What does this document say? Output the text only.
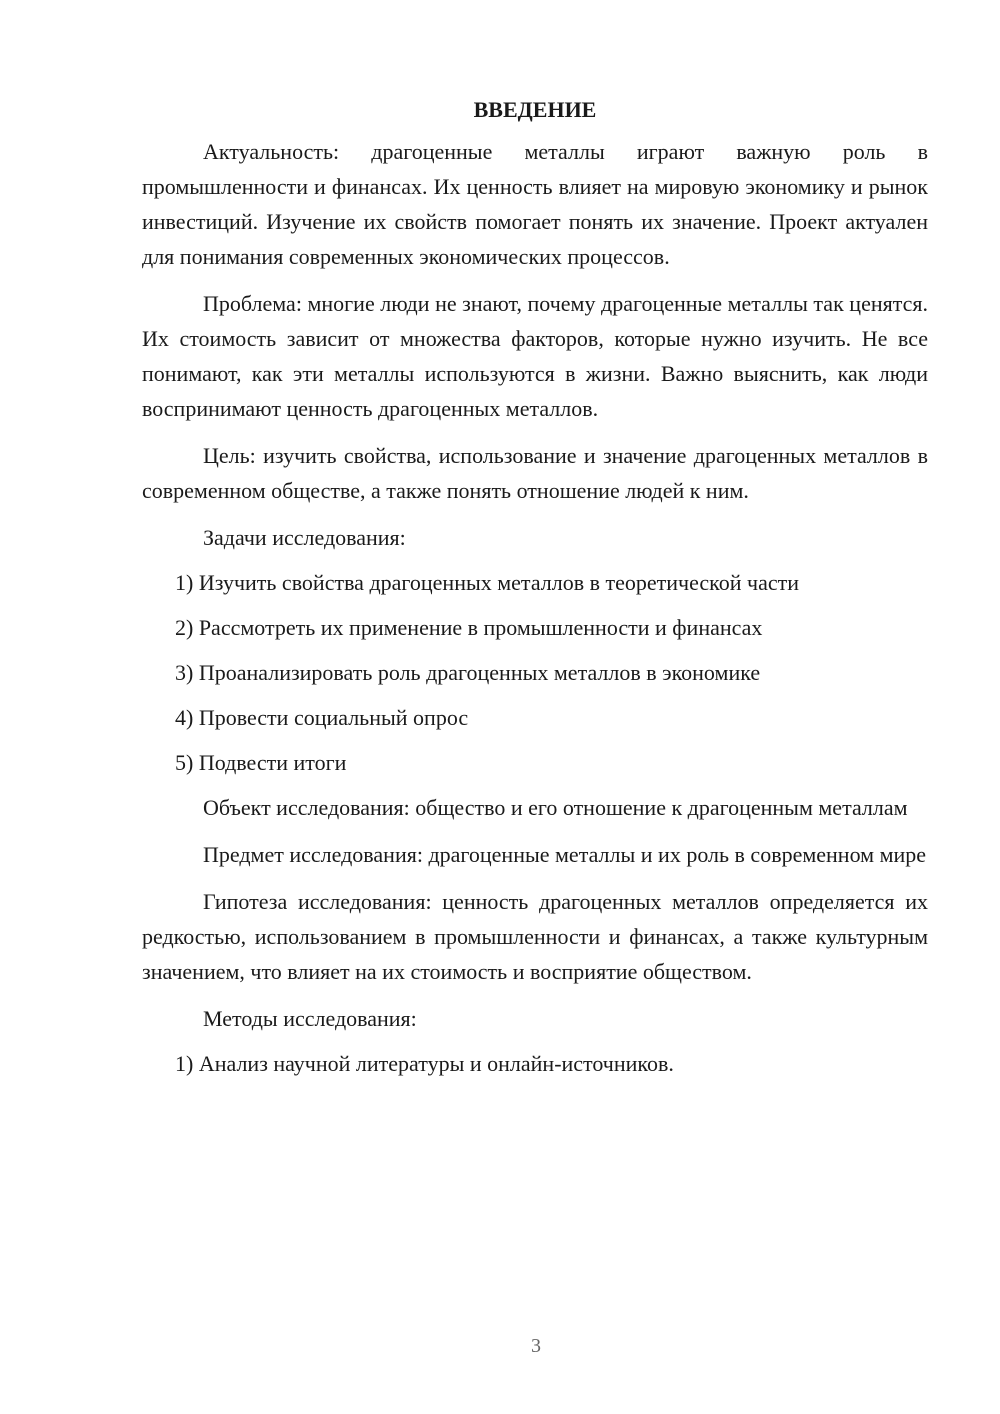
ВВЕДЕНИЕ

Актуальность: драгоценные металлы играют важную роль в промышленности и финансах. Их ценность влияет на мировую экономику и рынок инвестиций. Изучение их свойств помогает понять их значение. Проект актуален для понимания современных экономических процессов.

Проблема: многие люди не знают, почему драгоценные металлы так ценятся. Их стоимость зависит от множества факторов, которые нужно изучить. Не все понимают, как эти металлы используются в жизни. Важно выяснить, как люди воспринимают ценность драгоценных металлов.

Цель: изучить свойства, использование и значение драгоценных металлов в современном обществе, а также понять отношение людей к ним.

Задачи исследования:

1) Изучить свойства драгоценных металлов в теоретической части

2) Рассмотреть их применение в промышленности и финансах

3) Проанализировать роль драгоценных металлов в экономике

4) Провести социальный опрос

5) Подвести итоги

Объект исследования: общество и его отношение к драгоценным металлам

Предмет исследования: драгоценные металлы и их роль в современном мире

Гипотеза исследования: ценность драгоценных металлов определяется их редкостью, использованием в промышленности и финансах, а также культурным значением, что влияет на их стоимость и восприятие обществом.

Методы исследования:

1) Анализ научной литературы и онлайн-источников.

3
